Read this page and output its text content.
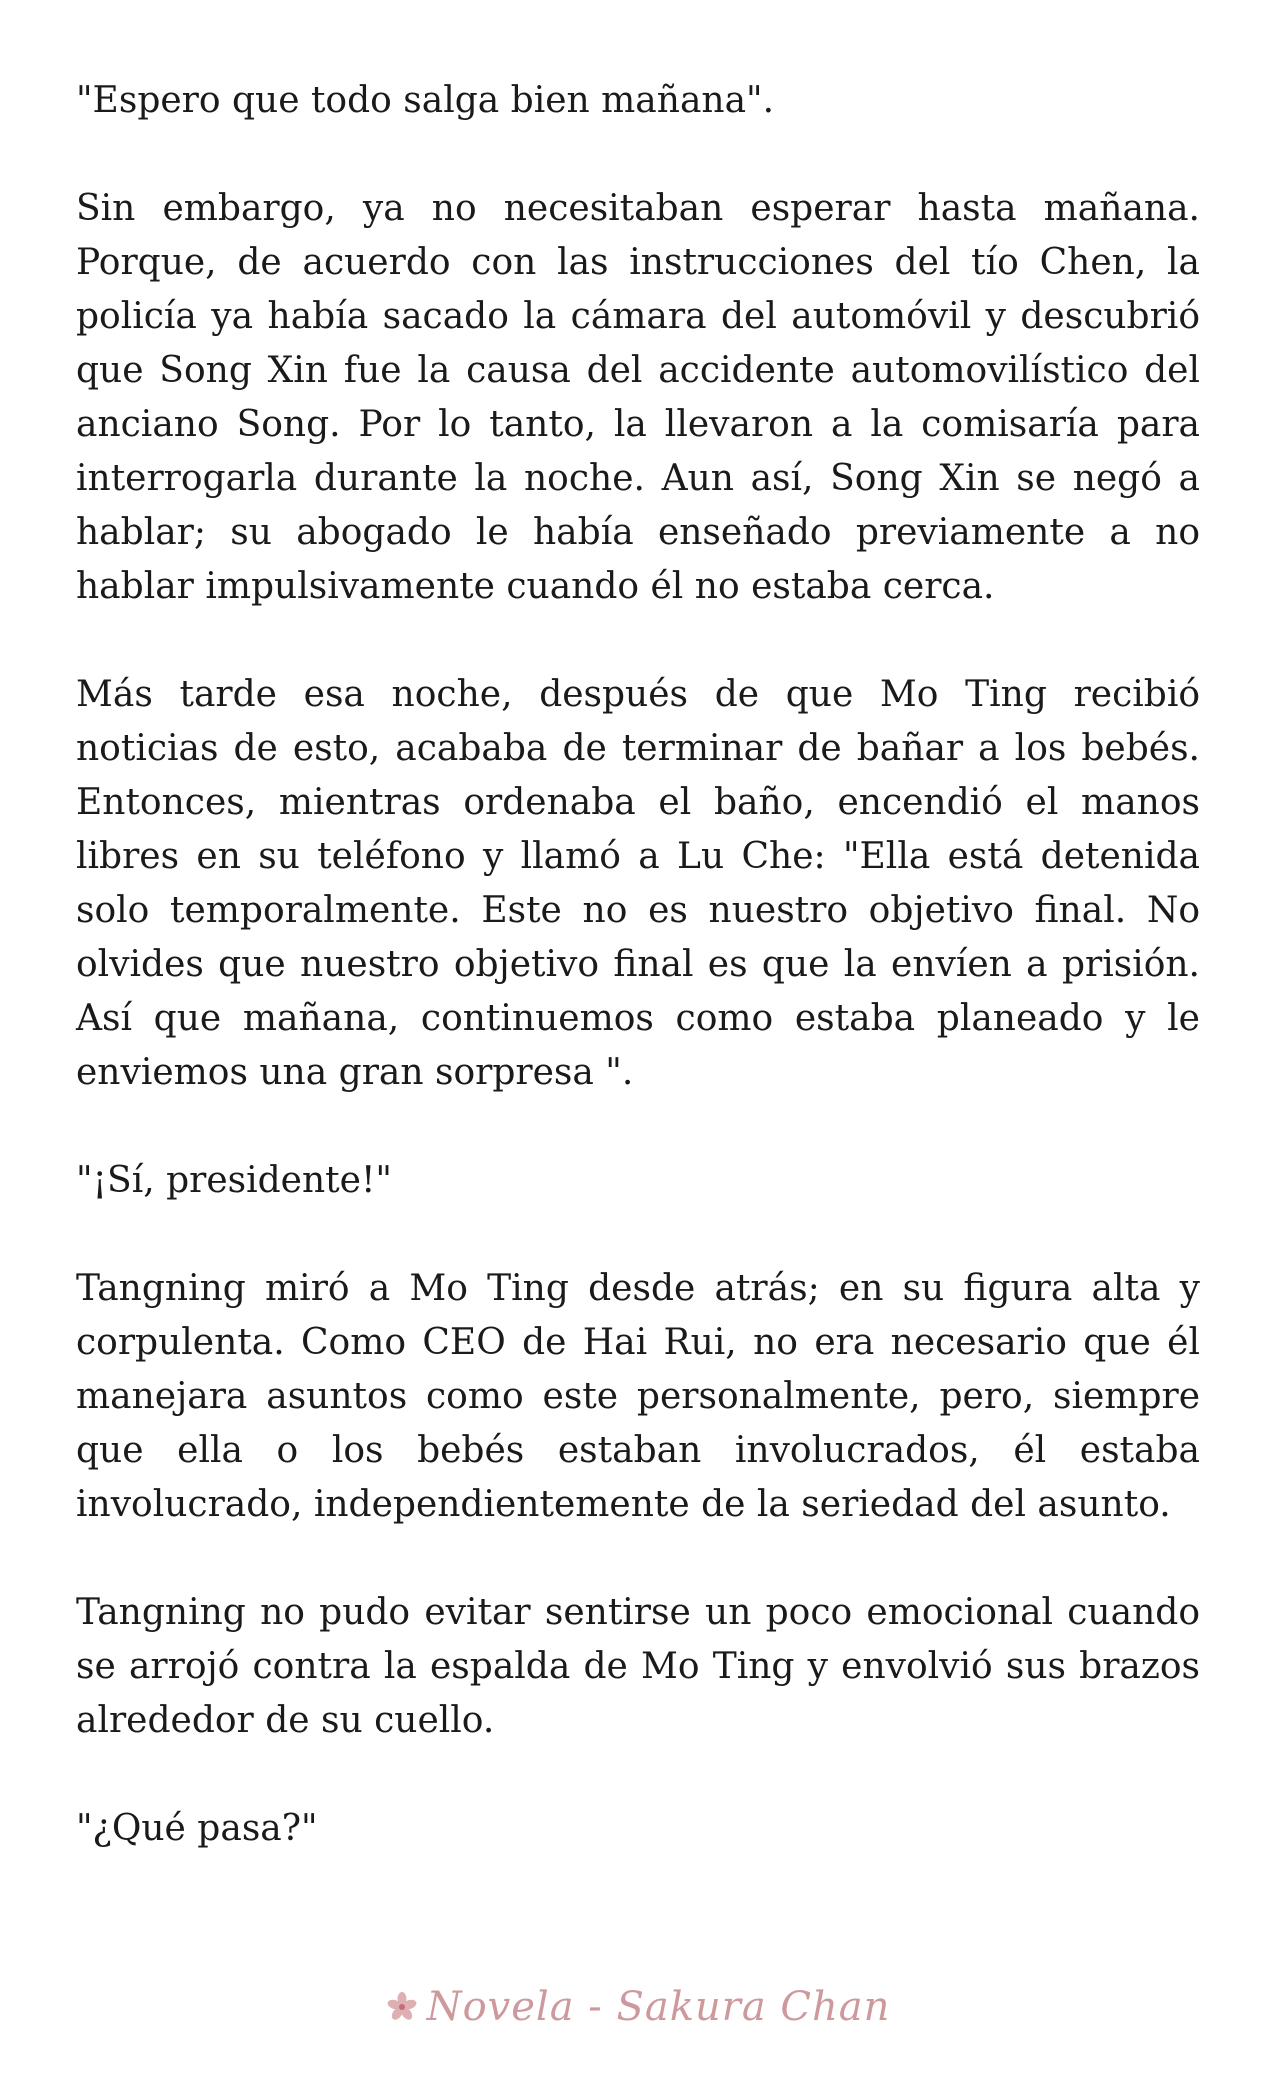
"Espero que todo salga bien mañana".

Sin embargo, ya no necesitaban esperar hasta mañana. Porque, de acuerdo con las instrucciones del tío Chen, la policía ya había sacado la cámara del automóvil y descubrió que Song Xin fue la causa del accidente automovilístico del anciano Song. Por lo tanto, la llevaron a la comisaría para interrogarla durante la noche. Aun así, Song Xin se negó a hablar; su abogado le había enseñado previamente a no hablar impulsivamente cuando él no estaba cerca.

Más tarde esa noche, después de que Mo Ting recibió noticias de esto, acababa de terminar de bañar a los bebés. Entonces, mientras ordenaba el baño, encendió el manos libres en su teléfono y llamó a Lu Che: "Ella está detenida solo temporalmente. Este no es nuestro objetivo final. No olvides que nuestro objetivo final es que la envíen a prisión. Así que mañana, continuemos como estaba planeado y le enviemos una gran sorpresa ".

"¡Sí, presidente!"

Tangning miró a Mo Ting desde atrás; en su figura alta y corpulenta. Como CEO de Hai Rui, no era necesario que él manejara asuntos como este personalmente, pero, siempre que ella o los bebés estaban involucrados, él estaba involucrado, independientemente de la seriedad del asunto.

Tangning no pudo evitar sentirse un poco emocional cuando se arrojó contra la espalda de Mo Ting y envolvió sus brazos alrededor de su cuello.

"¿Qué pasa?"

Novela - Sakura Chan
